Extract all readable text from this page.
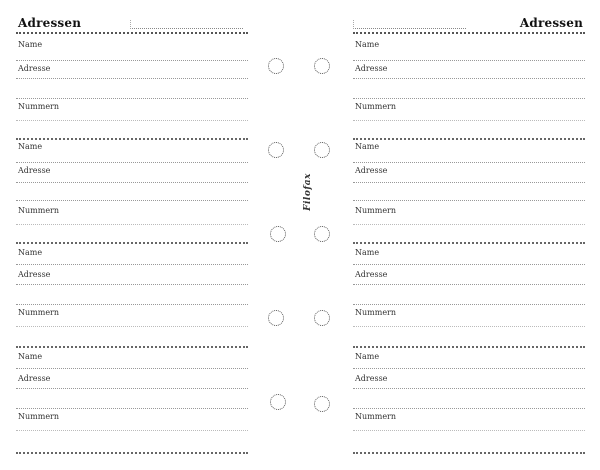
Adressen
Name
Adresse
Nummern
Name
Adresse
Nummern
Name
Adresse
Nummern
Name
Adresse
Nummern
Filofax
Adressen
Name
Adresse
Nummern
Name
Adresse
Nummern
Name
Adresse
Nummern
Name
Adresse
Nummern
